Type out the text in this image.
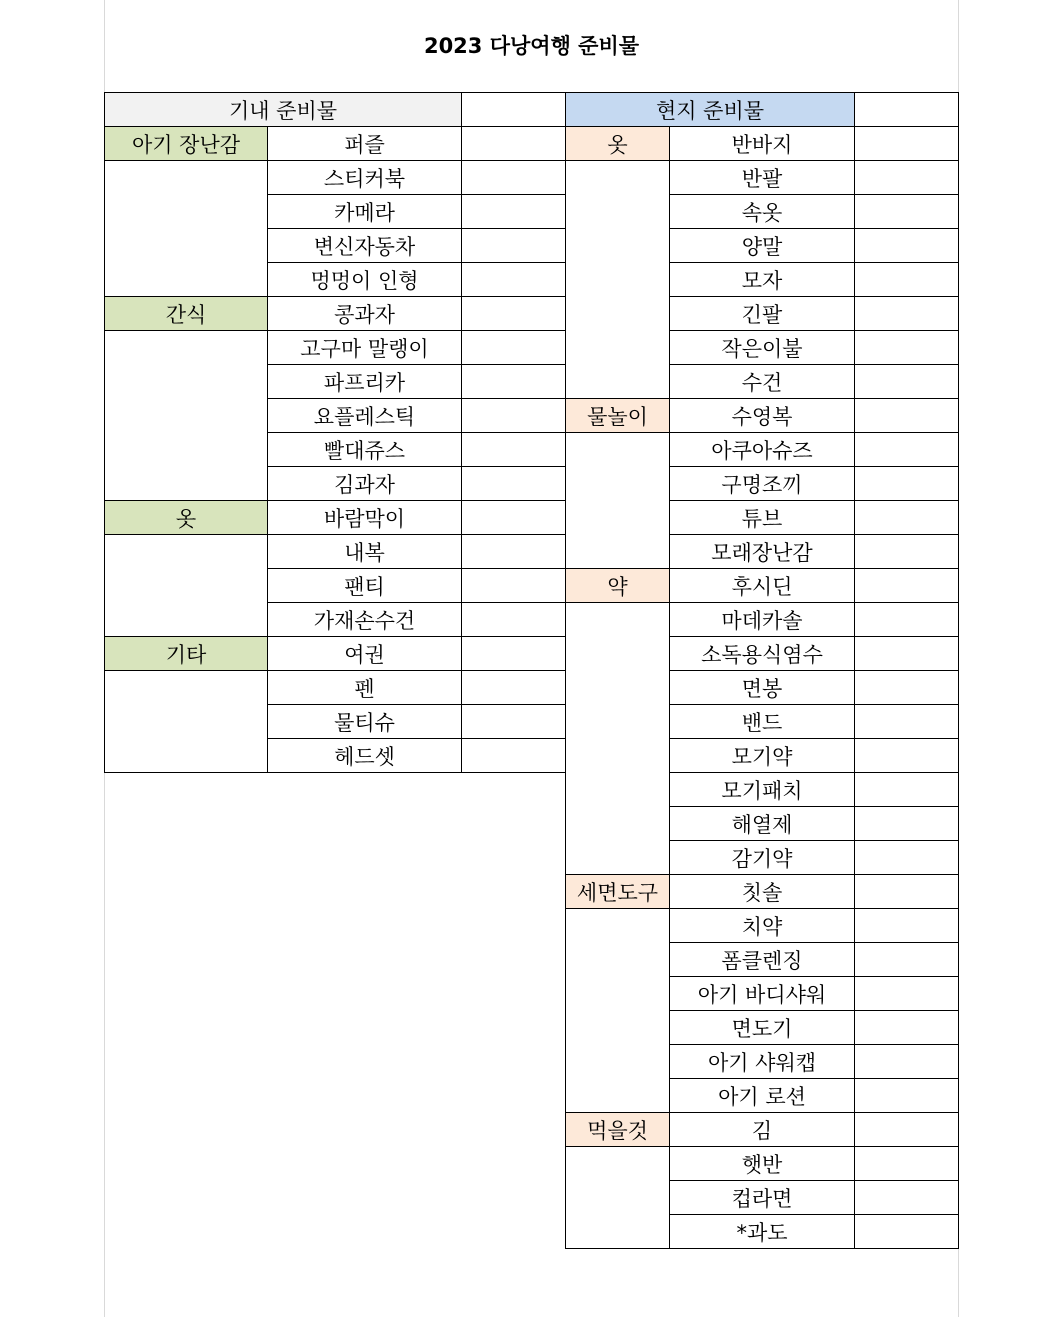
2023 다낭여행 준비물
기내 준비물		
아기 장난감	퍼즐	
	스티커북	
	카메라	
	변신자동차	
	멍멍이 인형	
간식	콩과자	
	고구마 말랭이	
	파프리카	
	요플레스틱	
	빨대쥬스	
	김과자	
옷	바람막이	
	내복	
	팬티	
	가재손수건	
기타	여권	
	펜	
	물티슈	
	헤드셋	
현지 준비물		
옷	반바지	
	반팔	
	속옷	
	양말	
	모자	
	긴팔	
	작은이불	
	수건	
물놀이	수영복	
	아쿠아슈즈	
	구명조끼	
	튜브	
	모래장난감	
약	후시딘	
	마데카솔	
	소독용식염수	
	면봉	
	밴드	
	모기약	
	모기패치	
	해열제	
	감기약	
세면도구	칫솔	
	치약	
	폼클렌징	
	아기 바디샤워	
	면도기	
	아기 샤워캡	
	아기 로션	
먹을것	김	
	햇반	
	컵라면	
	*과도	
